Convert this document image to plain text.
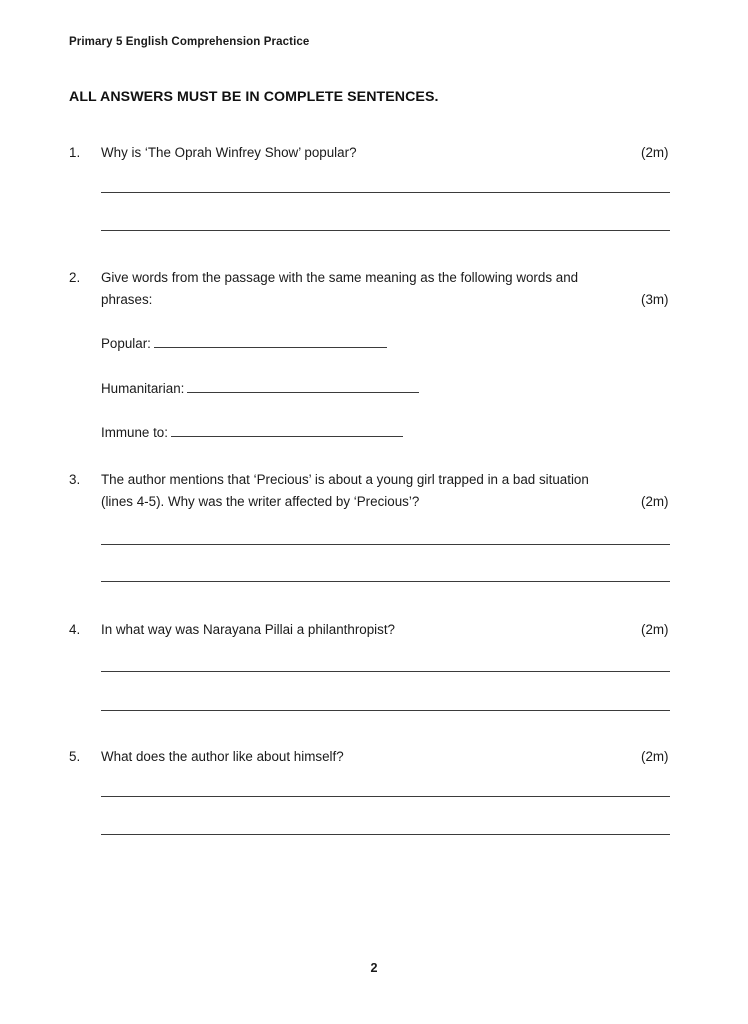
Primary 5 English Comprehension Practice
ALL ANSWERS MUST BE IN COMPLETE SENTENCES.
1.	Why is ‘The Oprah Winfrey Show’ popular?	(2m)
2.	Give words from the passage with the same meaning as the following words and
phrases:	(3m)
Popular:
Humanitarian:
Immune to:
3.	The author mentions that ‘Precious’ is about a young girl trapped in a bad situation
(lines 4-5). Why was the writer affected by ‘Precious’?	(2m)
4.	In what way was Narayana Pillai a philanthropist?	(2m)
5.	What does the author like about himself?	(2m)
2
